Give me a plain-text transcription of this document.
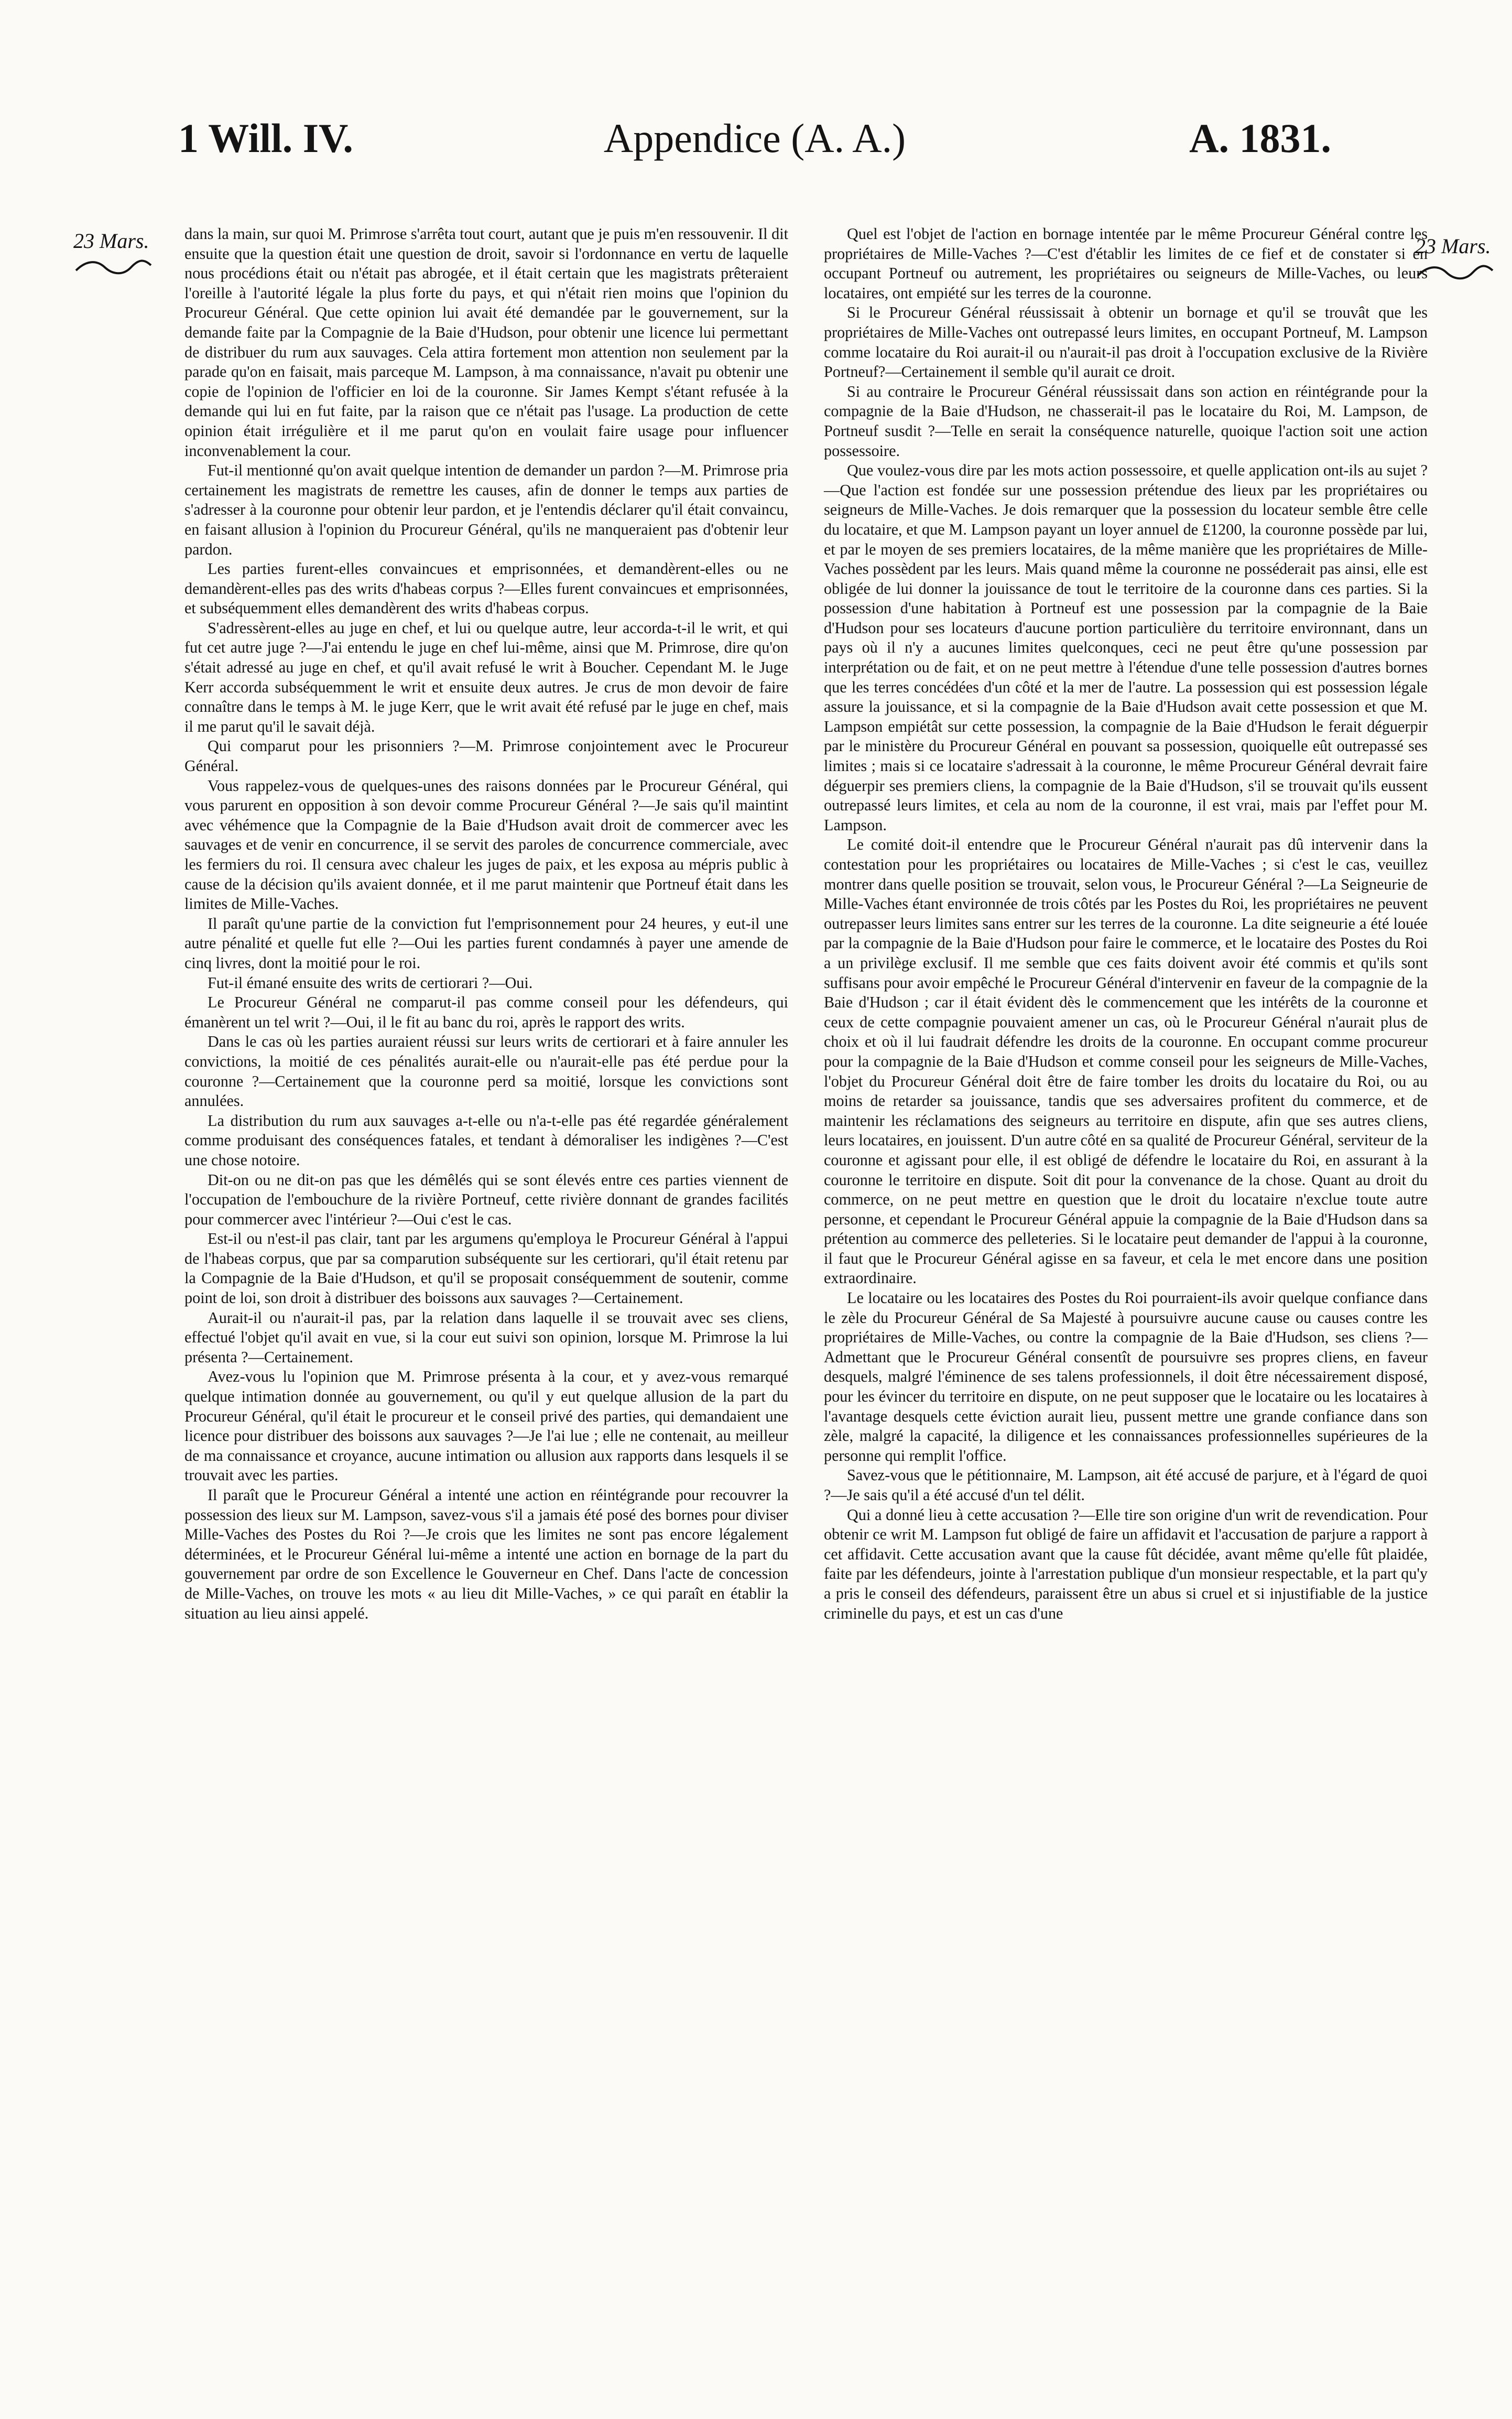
1 Will. IV.	Appendice (A. A.)	A. 1831.
23 Mars.	23 Mars.

dans la main, sur quoi M. Primrose s'arrêta tout court, autant que je puis m'en ressouvenir. Il dit ensuite que la question était une question de droit, savoir si l'ordonnance en vertu de laquelle nous procédions était ou n'était pas abrogée, et il était certain que les magistrats prêteraient l'oreille à l'autorité légale la plus forte du pays, et qui n'était rien moins que l'opinion du Procureur Général. Que cette opinion lui avait été demandée par le gouvernement, sur la demande faite par la Compagnie de la Baie d'Hudson, pour obtenir une licence lui permettant de distribuer du rum aux sauvages. Cela attira fortement mon attention non seulement par la parade qu'on en faisait, mais parceque M. Lampson, à ma connaissance, n'avait pu obtenir une copie de l'opinion de l'officier en loi de la couronne. Sir James Kempt s'étant refusée à la demande qui lui en fut faite, par la raison que ce n'était pas l'usage. La production de cette opinion était irrégulière et il me parut qu'on en voulait faire usage pour influencer inconvenablement la cour.

Fut-il mentionné qu'on avait quelque intention de demander un pardon ?—M. Primrose pria certainement les magistrats de remettre les causes, afin de donner le temps aux parties de s'adresser à la couronne pour obtenir leur pardon, et je l'entendis déclarer qu'il était convaincu, en faisant allusion à l'opinion du Procureur Général, qu'ils ne manqueraient pas d'obtenir leur pardon.

Les parties furent-elles convaincues et emprisonnées, et demandèrent-elles ou ne demandèrent-elles pas des writs d'habeas corpus ?—Elles furent convaincues et emprisonnées, et subséquemment elles demandèrent des writs d'habeas corpus.

S'adressèrent-elles au juge en chef, et lui ou quelque autre, leur accorda-t-il le writ, et qui fut cet autre juge ?—J'ai entendu le juge en chef lui-même, ainsi que M. Primrose, dire qu'on s'était adressé au juge en chef, et qu'il avait refusé le writ à Boucher. Cependant M. le Juge Kerr accorda subséquemment le writ et ensuite deux autres. Je crus de mon devoir de faire connaître dans le temps à M. le juge Kerr, que le writ avait été refusé par le juge en chef, mais il me parut qu'il le savait déjà.

Qui comparut pour les prisonniers ?—M. Primrose conjointement avec le Procureur Général.

Vous rappelez-vous de quelques-unes des raisons données par le Procureur Général, qui vous parurent en opposition à son devoir comme Procureur Général ?—Je sais qu'il maintint avec véhémence que la Compagnie de la Baie d'Hudson avait droit de commercer avec les sauvages et de venir en concurrence, il se servit des paroles de concurrence commerciale, avec les fermiers du roi. Il censura avec chaleur les juges de paix, et les exposa au mépris public à cause de la décision qu'ils avaient donnée, et il me parut maintenir que Portneuf était dans les limites de Mille-Vaches.

Il paraît qu'une partie de la conviction fut l'emprisonnement pour 24 heures, y eut-il une autre pénalité et quelle fut elle ?—Oui les parties furent condamnés à payer une amende de cinq livres, dont la moitié pour le roi.

Fut-il émané ensuite des writs de certiorari ?—Oui.

Le Procureur Général ne comparut-il pas comme conseil pour les défendeurs, qui émanèrent un tel writ ?—Oui, il le fit au banc du roi, après le rapport des writs.

Dans le cas où les parties auraient réussi sur leurs writs de certiorari et à faire annuler les convictions, la moitié de ces pénalités aurait-elle ou n'aurait-elle pas été perdue pour la couronne ?—Certainement que la couronne perd sa moitié, lorsque les convictions sont annulées.

La distribution du rum aux sauvages a-t-elle ou n'a-t-elle pas été regardée généralement comme produisant des conséquences fatales, et tendant à démoraliser les indigènes ?—C'est une chose notoire.

Dit-on ou ne dit-on pas que les démêlés qui se sont élevés entre ces parties viennent de l'occupation de l'embouchure de la rivière Portneuf, cette rivière donnant de grandes facilités pour commercer avec l'intérieur ?—Oui c'est le cas.

Est-il ou n'est-il pas clair, tant par les argumens qu'employa le Procureur Général à l'appui de l'habeas corpus, que par sa comparution subséquente sur les certiorari, qu'il était retenu par la Compagnie de la Baie d'Hudson, et qu'il se proposait conséquemment de soutenir, comme point de loi, son droit à distribuer des boissons aux sauvages ?—Certainement.

Aurait-il ou n'aurait-il pas, par la relation dans laquelle il se trouvait avec ses cliens, effectué l'objet qu'il avait en vue, si la cour eut suivi son opinion, lorsque M. Primrose la lui présenta ?—Certainement.

Avez-vous lu l'opinion que M. Primrose présenta à la cour, et y avez-vous remarqué quelque intimation donnée au gouvernement, ou qu'il y eut quelque allusion de la part du Procureur Général, qu'il était le procureur et le conseil privé des parties, qui demandaient une licence pour distribuer des boissons aux sauvages ?—Je l'ai lue ; elle ne contenait, au meilleur de ma connaissance et croyance, aucune intimation ou allusion aux rapports dans lesquels il se trouvait avec les parties.

Il paraît que le Procureur Général a intenté une action en réintégrande pour recouvrer la possession des lieux sur M. Lampson, savez-vous s'il a jamais été posé des bornes pour diviser Mille-Vaches des Postes du Roi ?—Je crois que les limites ne sont pas encore légalement déterminées, et le Procureur Général lui-même a intenté une action en bornage de la part du gouvernement par ordre de son Excellence le Gouverneur en Chef. Dans l'acte de concession de Mille-Vaches, on trouve les mots « au lieu dit Mille-Vaches, » ce qui paraît en établir la situation au lieu ainsi appelé.

Quel est l'objet de l'action en bornage intentée par le même Procureur Général contre les propriétaires de Mille-Vaches ?—C'est d'établir les limites de ce fief et de constater si en occupant Portneuf ou autrement, les propriétaires ou seigneurs de Mille-Vaches, ou leurs locataires, ont empiété sur les terres de la couronne.

Si le Procureur Général réussissait à obtenir un bornage et qu'il se trouvât que les propriétaires de Mille-Vaches ont outrepassé leurs limites, en occupant Portneuf, M. Lampson comme locataire du Roi aurait-il ou n'aurait-il pas droit à l'occupation exclusive de la Rivière Portneuf?—Certainement il semble qu'il aurait ce droit.

Si au contraire le Procureur Général réussissait dans son action en réintégrande pour la compagnie de la Baie d'Hudson, ne chasserait-il pas le locataire du Roi, M. Lampson, de Portneuf susdit ?—Telle en serait la conséquence naturelle, quoique l'action soit une action possessoire.

Que voulez-vous dire par les mots action possessoire, et quelle application ont-ils au sujet ?—Que l'action est fondée sur une possession prétendue des lieux par les propriétaires ou seigneurs de Mille-Vaches. Je dois remarquer que la possession du locateur semble être celle du locataire, et que M. Lampson payant un loyer annuel de £1200, la couronne possède par lui, et par le moyen de ses premiers locataires, de la même manière que les propriétaires de Mille-Vaches possèdent par les leurs. Mais quand même la couronne ne posséderait pas ainsi, elle est obligée de lui donner la jouissance de tout le territoire de la couronne dans ces parties. Si la possession d'une habitation à Portneuf est une possession par la compagnie de la Baie d'Hudson pour ses locateurs d'aucune portion particulière du territoire environnant, dans un pays où il n'y a aucunes limites quelconques, ceci ne peut être qu'une possession par interprétation ou de fait, et on ne peut mettre à l'étendue d'une telle possession d'autres bornes que les terres concédées d'un côté et la mer de l'autre. La possession qui est possession légale assure la jouissance, et si la compagnie de la Baie d'Hudson avait cette possession et que M. Lampson empiétât sur cette possession, la compagnie de la Baie d'Hudson le ferait déguerpir par le ministère du Procureur Général en pouvant sa possession, quoiquelle eût outrepassé ses limites ; mais si ce locataire s'adressait à la couronne, le même Procureur Général devrait faire déguerpir ses premiers cliens, la compagnie de la Baie d'Hudson, s'il se trouvait qu'ils eussent outrepassé leurs limites, et cela au nom de la couronne, il est vrai, mais par l'effet pour M. Lampson.

Le comité doit-il entendre que le Procureur Général n'aurait pas dû intervenir dans la contestation pour les propriétaires ou locataires de Mille-Vaches ; si c'est le cas, veuillez montrer dans quelle position se trouvait, selon vous, le Procureur Général ?—La Seigneurie de Mille-Vaches étant environnée de trois côtés par les Postes du Roi, les propriétaires ne peuvent outrepasser leurs limites sans entrer sur les terres de la couronne. La dite seigneurie a été louée par la compagnie de la Baie d'Hudson pour faire le commerce, et le locataire des Postes du Roi a un privilège exclusif. Il me semble que ces faits doivent avoir été commis et qu'ils sont suffisans pour avoir empêché le Procureur Général d'intervenir en faveur de la compagnie de la Baie d'Hudson ; car il était évident dès le commencement que les intérêts de la couronne et ceux de cette compagnie pouvaient amener un cas, où le Procureur Général n'aurait plus de choix et où il lui faudrait défendre les droits de la couronne. En occupant comme procureur pour la compagnie de la Baie d'Hudson et comme conseil pour les seigneurs de Mille-Vaches, l'objet du Procureur Général doit être de faire tomber les droits du locataire du Roi, ou au moins de retarder sa jouissance, tandis que ses adversaires profitent du commerce, et de maintenir les réclamations des seigneurs au territoire en dispute, afin que ses autres cliens, leurs locataires, en jouissent. D'un autre côté en sa qualité de Procureur Général, serviteur de la couronne et agissant pour elle, il est obligé de défendre le locataire du Roi, en assurant à la couronne le territoire en dispute. Soit dit pour la convenance de la chose. Quant au droit du commerce, on ne peut mettre en question que le droit du locataire n'exclue toute autre personne, et cependant le Procureur Général appuie la compagnie de la Baie d'Hudson dans sa prétention au commerce des pelleteries. Si le locataire peut demander de l'appui à la couronne, il faut que le Procureur Général agisse en sa faveur, et cela le met encore dans une position extraordinaire.

Le locataire ou les locataires des Postes du Roi pourraient-ils avoir quelque confiance dans le zèle du Procureur Général de Sa Majesté à poursuivre aucune cause ou causes contre les propriétaires de Mille-Vaches, ou contre la compagnie de la Baie d'Hudson, ses cliens ?—Admettant que le Procureur Général consentît de poursuivre ses propres cliens, en faveur desquels, malgré l'éminence de ses talens professionnels, il doit être nécessairement disposé, pour les évincer du territoire en dispute, on ne peut supposer que le locataire ou les locataires à l'avantage desquels cette éviction aurait lieu, pussent mettre une grande confiance dans son zèle, malgré la capacité, la diligence et les connaissances professionnelles supérieures de la personne qui remplit l'office.

Savez-vous que le pétitionnaire, M. Lampson, ait été accusé de parjure, et à l'égard de quoi ?—Je sais qu'il a été accusé d'un tel délit.

Qui a donné lieu à cette accusation ?—Elle tire son origine d'un writ de revendication. Pour obtenir ce writ M. Lampson fut obligé de faire un affidavit et l'accusation de parjure a rapport à cet affidavit. Cette accusation avant que la cause fût décidée, avant même qu'elle fût plaidée, faite par les défendeurs, jointe à l'arrestation publique d'un monsieur respectable, et la part qu'y a pris le conseil des défendeurs, paraissent être un abus si cruel et si injustifiable de la justice criminelle du pays, et est un cas d'une
